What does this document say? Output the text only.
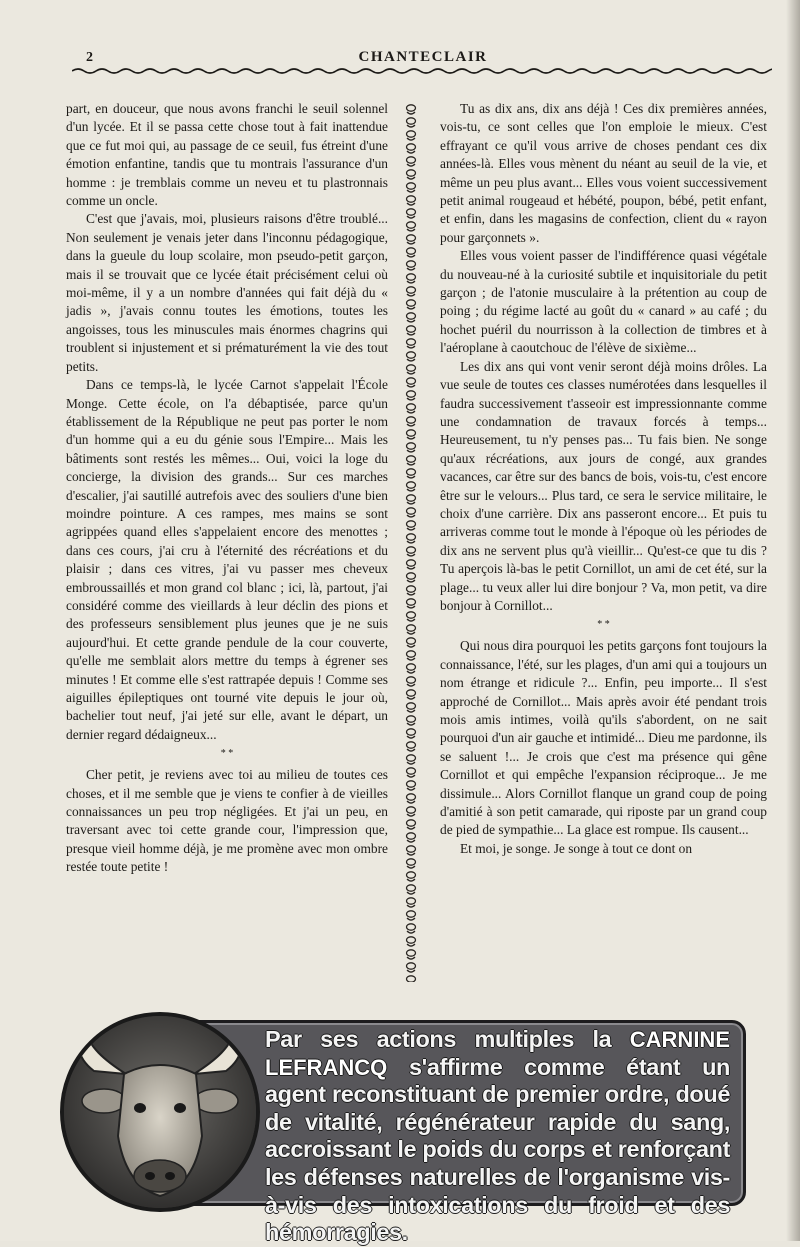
2	CHANTECLAIR

part, en douceur, que nous avons franchi le seuil solennel d'un lycée. Et il se passa cette chose tout à fait inattendue que ce fut moi qui, au passage de ce seuil, fus étreint d'une émotion enfantine, tandis que tu montrais l'assurance d'un homme : je tremblais comme un neveu et tu plastronnais comme un oncle.

C'est que j'avais, moi, plusieurs raisons d'être troublé... Non seulement je venais jeter dans l'inconnu pédagogique, dans la gueule du loup scolaire, mon pseudo-petit garçon, mais il se trouvait que ce lycée était précisément celui où moi-même, il y a un nombre d'années qui fait déjà du « jadis », j'avais connu toutes les émotions, toutes les angoisses, tous les minuscules mais énormes chagrins qui troublent si injustement et si prématurément la vie des tout petits.

Dans ce temps-là, le lycée Carnot s'appelait l'École Monge. Cette école, on l'a débaptisée, parce qu'un établissement de la République ne peut pas porter le nom d'un homme qui a eu du génie sous l'Empire... Mais les bâtiments sont restés les mêmes... Oui, voici la loge du concierge, la division des grands... Sur ces marches d'escalier, j'ai sautillé autrefois avec des souliers d'une bien moindre pointure. A ces rampes, mes mains se sont agrippées quand elles s'appelaient encore des menottes ; dans ces cours, j'ai cru à l'éternité des récréations et du plaisir ; dans ces vitres, j'ai vu passer mes cheveux embroussaillés et mon grand col blanc ; ici, là, partout, j'ai considéré comme des vieillards à leur déclin des pions et des professeurs sensiblement plus jeunes que je ne suis aujourd'hui. Et cette grande pendule de la cour couverte, qu'elle me semblait alors mettre du temps à égrener ses minutes ! Et comme elle s'est rattrapée depuis ! Comme ses aiguilles épileptiques ont tourné vite depuis le jour où, bachelier tout neuf, j'ai jeté sur elle, avant le départ, un dernier regard dédaigneux...

* *

Cher petit, je reviens avec toi au milieu de toutes ces choses, et il me semble que je viens te confier à de vieilles connaissances un peu trop négligées. Et j'ai un peu, en traversant avec toi cette grande cour, l'impression que, presque vieil homme déjà, je me promène avec mon ombre restée toute petite !

Tu as dix ans, dix ans déjà ! Ces dix premières années, vois-tu, ce sont celles que l'on emploie le mieux. C'est effrayant ce qu'il vous arrive de choses pendant ces dix années-là. Elles vous mènent du néant au seuil de la vie, et même un peu plus avant... Elles vous voient successivement petit animal rougeaud et hébété, poupon, bébé, petit enfant, et enfin, dans les magasins de confection, client du « rayon pour garçonnets ».

Elles vous voient passer de l'indifférence quasi végétale du nouveau-né à la curiosité subtile et inquisitoriale du petit garçon ; de l'atonie musculaire à la prétention au coup de poing ; du régime lacté au goût du « canard » au café ; du hochet puéril du nourrisson à la collection de timbres et à l'aéroplane à caoutchouc de l'élève de sixième...

Les dix ans qui vont venir seront déjà moins drôles. La vue seule de toutes ces classes numérotées dans lesquelles il faudra successivement t'asseoir est impressionnante comme une condamnation de travaux forcés à temps... Heureusement, tu n'y penses pas... Tu fais bien. Ne songe qu'aux récréations, aux jours de congé, aux grandes vacances, car être sur des bancs de bois, vois-tu, c'est encore être sur le velours... Plus tard, ce sera le service militaire, le choix d'une carrière. Dix ans passeront encore... Et puis tu arriveras comme tout le monde à l'époque où les périodes de dix ans ne servent plus qu'à vieillir... Qu'est-ce que tu dis ? Tu aperçois là-bas le petit Cornillot, un ami de cet été, sur la plage... tu veux aller lui dire bonjour ? Va, mon petit, va dire bonjour à Cornillot...

* *

Qui nous dira pourquoi les petits garçons font toujours la connaissance, l'été, sur les plages, d'un ami qui a toujours un nom étrange et ridicule ?... Enfin, peu importe... Il s'est approché de Cornillot... Mais après avoir été pendant trois mois amis intimes, voilà qu'ils s'abordent, on ne sait pourquoi d'un air gauche et intimidé... Dieu me pardonne, ils se saluent !... Je crois que c'est ma présence qui gêne Cornillot et qui empêche l'expansion réciproque... Je me dissimule... Alors Cornillot flanque un grand coup de poing d'amitié à son petit camarade, qui riposte par un grand coup de pied de sympathie... La glace est rompue. Ils causent...

Et moi, je songe. Je songe à tout ce dont on

Par ses actions multiples la CARNINE LEFRANCQ s'affirme comme étant un agent reconstituant de premier ordre, doué de vitalité, régénérateur rapide du sang, accroissant le poids du corps et renforçant les défenses naturelles de l'organisme vis-à-vis des intoxications du froid et des hémorragies.
